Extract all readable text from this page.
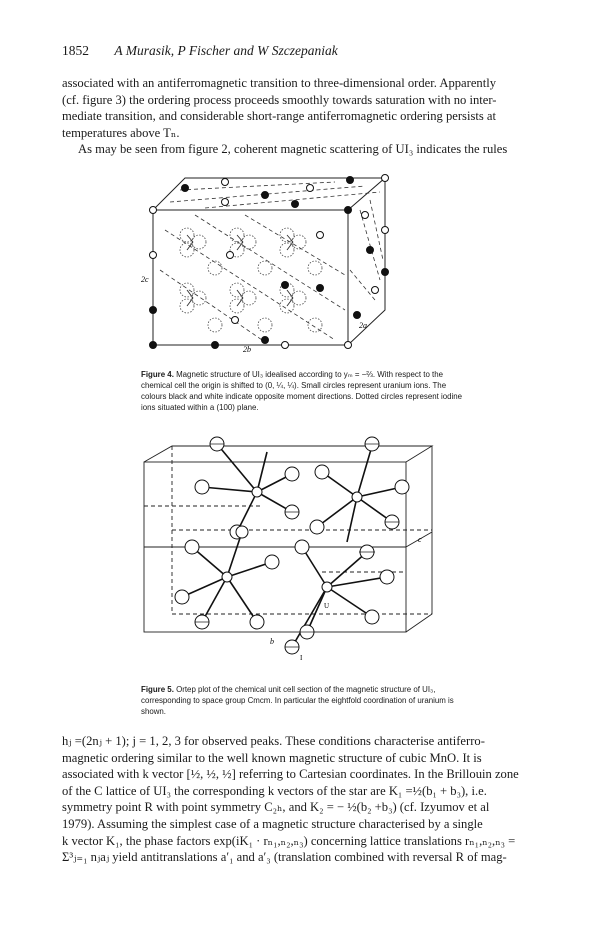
1852 A Murasik, P Fischer and W Szczepaniak
associated with an antiferromagnetic transition to three-dimensional order. Apparently
(cf. figure 3) the ordering process proceeds smoothly towards saturation with no inter-
mediate transition, and considerable short-range antiferromagnetic ordering persists at
temperatures above Tₙ.
As may be seen from figure 2, coherent magnetic scattering of UI₃ indicates the rules
2c
2b
2a
Figure 4. Magnetic structure of UI₃ idealised according to yₘ = −⅔. With respect to the
chemical cell the origin is shifted to (0, ¼, ¼). Small circles represent uranium ions. The
colours black and white indicate opposite moment directions. Dotted circles represent iodine
ions situated within a (100) plane.
c
b
U
I
Figure 5. Ortep plot of the chemical unit cell section of the magnetic structure of UI₃,
corresponding to space group Cmcm. In particular the eightfold coordination of uranium is
shown.
hⱼ =(2nⱼ + 1); j = 1, 2, 3 for observed peaks. These conditions characterise antiferro-
magnetic ordering similar to the well known magnetic structure of cubic MnO. It is
associated with k vector [½, ½, ½] referring to Cartesian coordinates. In the Brillouin zone
of the C lattice of UI₃ the corresponding k vectors of the star are K₁ =½(b₁ + b₃), i.e.
symmetry point R with point symmetry C₂ₕ, and K₂ = − ½(b₂ +b₃) (cf. Izyumov et al
1979). Assuming the simplest case of a magnetic structure characterised by a single
k vector K₁, the phase factors exp(iK₁ · rₙ₁,ₙ₂,ₙ₃) concerning lattice translations rₙ₁,ₙ₂,ₙ₃ =
Σ³ⱼ₌₁ nⱼaⱼ yield antitranslations a′₁ and a′₃ (translation combined with reversal R of mag-
